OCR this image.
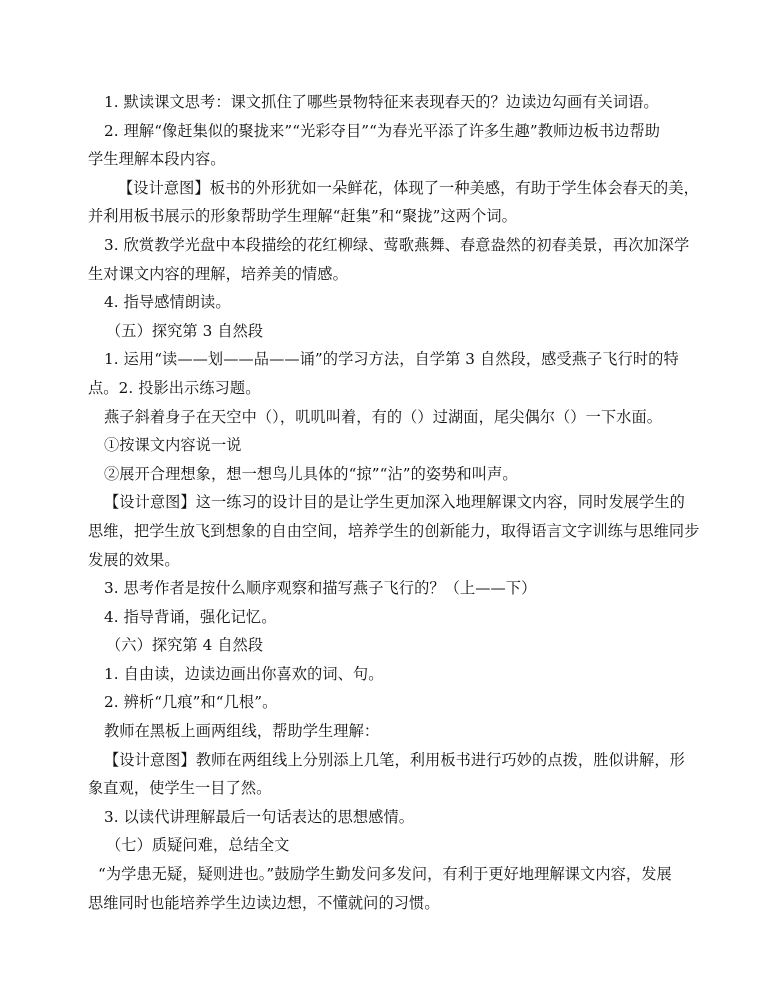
1. 默读课文思考：课文抓住了哪些景物特征来表现春天的？边读边勾画有关词语。

2. 理解“像赶集似的聚拢来”“光彩夺目”“为春光平添了许多生趣”教师边板书边帮助

学生理解本段内容。

【设计意图】板书的外形犹如一朵鲜花，体现了一种美感，有助于学生体会春天的美，

并利用板书展示的形象帮助学生理解“赶集”和“聚拢”这两个词。

3. 欣赏教学光盘中本段描绘的花红柳绿、莺歌燕舞、春意盎然的初春美景，再次加深学

生对课文内容的理解，培养美的情感。

4. 指导感情朗读。

（五）探究第 3 自然段

1. 运用“读——划——品——诵”的学习方法，自学第 3 自然段，感受燕子飞行时的特

点。2. 投影出示练习题。

燕子斜着身子在天空中（），叽叽叫着，有的（）过湖面，尾尖偶尔（）一下水面。

①按课文内容说一说

②展开合理想象，想一想鸟儿具体的“掠”“沾”的姿势和叫声。

【设计意图】这一练习的设计目的是让学生更加深入地理解课文内容，同时发展学生的

思维，把学生放飞到想象的自由空间，培养学生的创新能力，取得语言文字训练与思维同步

发展的效果。

3. 思考作者是按什么顺序观察和描写燕子飞行的？（上——下）

4. 指导背诵，强化记忆。

（六）探究第 4 自然段

1. 自由读，边读边画出你喜欢的词、句。

2. 辨析“几痕”和“几根”。

教师在黑板上画两组线，帮助学生理解：

【设计意图】教师在两组线上分别添上几笔，利用板书进行巧妙的点拨，胜似讲解，形

象直观，使学生一目了然。

3. 以读代讲理解最后一句话表达的思想感情。

（七）质疑问难，总结全文

“为学患无疑，疑则进也。”鼓励学生勤发问多发问，有利于更好地理解课文内容，发展

思维同时也能培养学生边读边想，不懂就问的习惯。
